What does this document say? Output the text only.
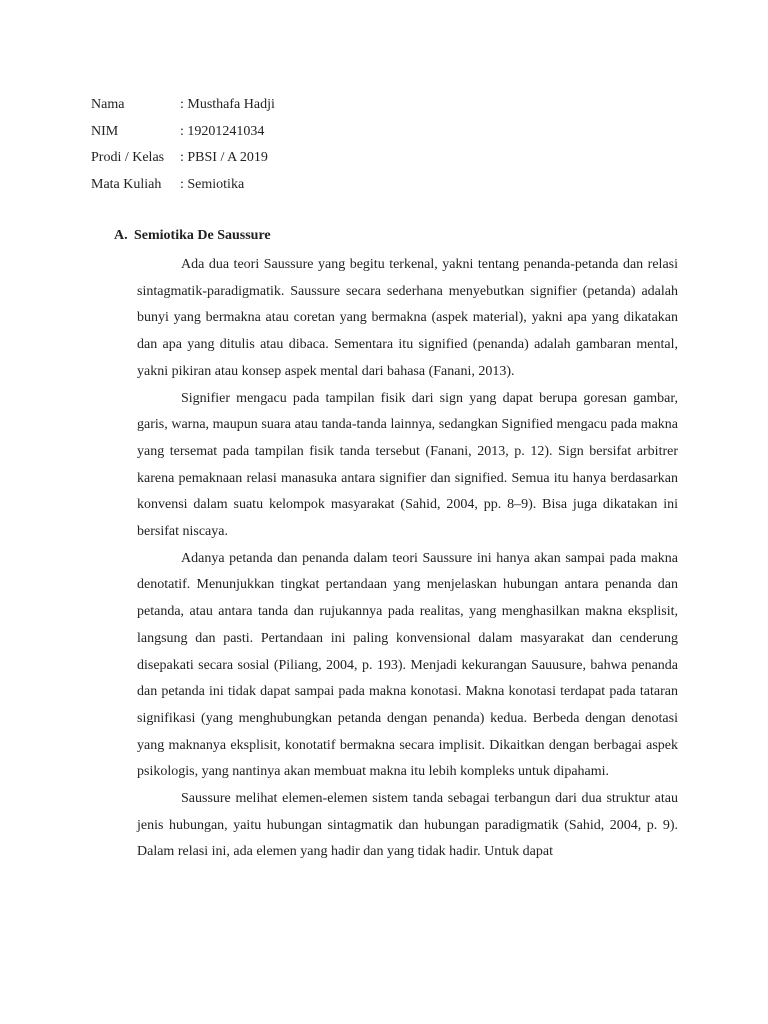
Nama	: Musthafa Hadji
NIM	: 19201241034
Prodi / Kelas : PBSI / A 2019
Mata Kuliah : Semiotika
A. Semiotika De Saussure

Ada dua teori Saussure yang begitu terkenal, yakni tentang penanda-petanda dan relasi sintagmatik-paradigmatik. Saussure secara sederhana menyebutkan signifier (petanda) adalah bunyi yang bermakna atau coretan yang bermakna (aspek material), yakni apa yang dikatakan dan apa yang ditulis atau dibaca. Sementara itu signified (penanda) adalah gambaran mental, yakni pikiran atau konsep aspek mental dari bahasa (Fanani, 2013).

Signifier mengacu pada tampilan fisik dari sign yang dapat berupa goresan gambar, garis, warna, maupun suara atau tanda-tanda lainnya, sedangkan Signified mengacu pada makna yang tersemat pada tampilan fisik tanda tersebut (Fanani, 2013, p. 12). Sign bersifat arbitrer karena pemaknaan relasi manasuka antara signifier dan signified. Semua itu hanya berdasarkan konvensi dalam suatu kelompok masyarakat (Sahid, 2004, pp. 8–9). Bisa juga dikatakan ini bersifat niscaya.

Adanya petanda dan penanda dalam teori Saussure ini hanya akan sampai pada makna denotatif. Menunjukkan tingkat pertandaan yang menjelaskan hubungan antara penanda dan petanda, atau antara tanda dan rujukannya pada realitas, yang menghasilkan makna eksplisit, langsung dan pasti. Pertandaan ini paling konvensional dalam masyarakat dan cenderung disepakati secara sosial (Piliang, 2004, p. 193). Menjadi kekurangan Sauusure, bahwa penanda dan petanda ini tidak dapat sampai pada makna konotasi. Makna konotasi terdapat pada tataran signifikasi (yang menghubungkan petanda dengan penanda) kedua. Berbeda dengan denotasi yang maknanya eksplisit, konotatif bermakna secara implisit. Dikaitkan dengan berbagai aspek psikologis, yang nantinya akan membuat makna itu lebih kompleks untuk dipahami.

Saussure melihat elemen-elemen sistem tanda sebagai terbangun dari dua struktur atau jenis hubungan, yaitu hubungan sintagmatik dan hubungan paradigmatik (Sahid, 2004, p. 9). Dalam relasi ini, ada elemen yang hadir dan yang tidak hadir. Untuk dapat
